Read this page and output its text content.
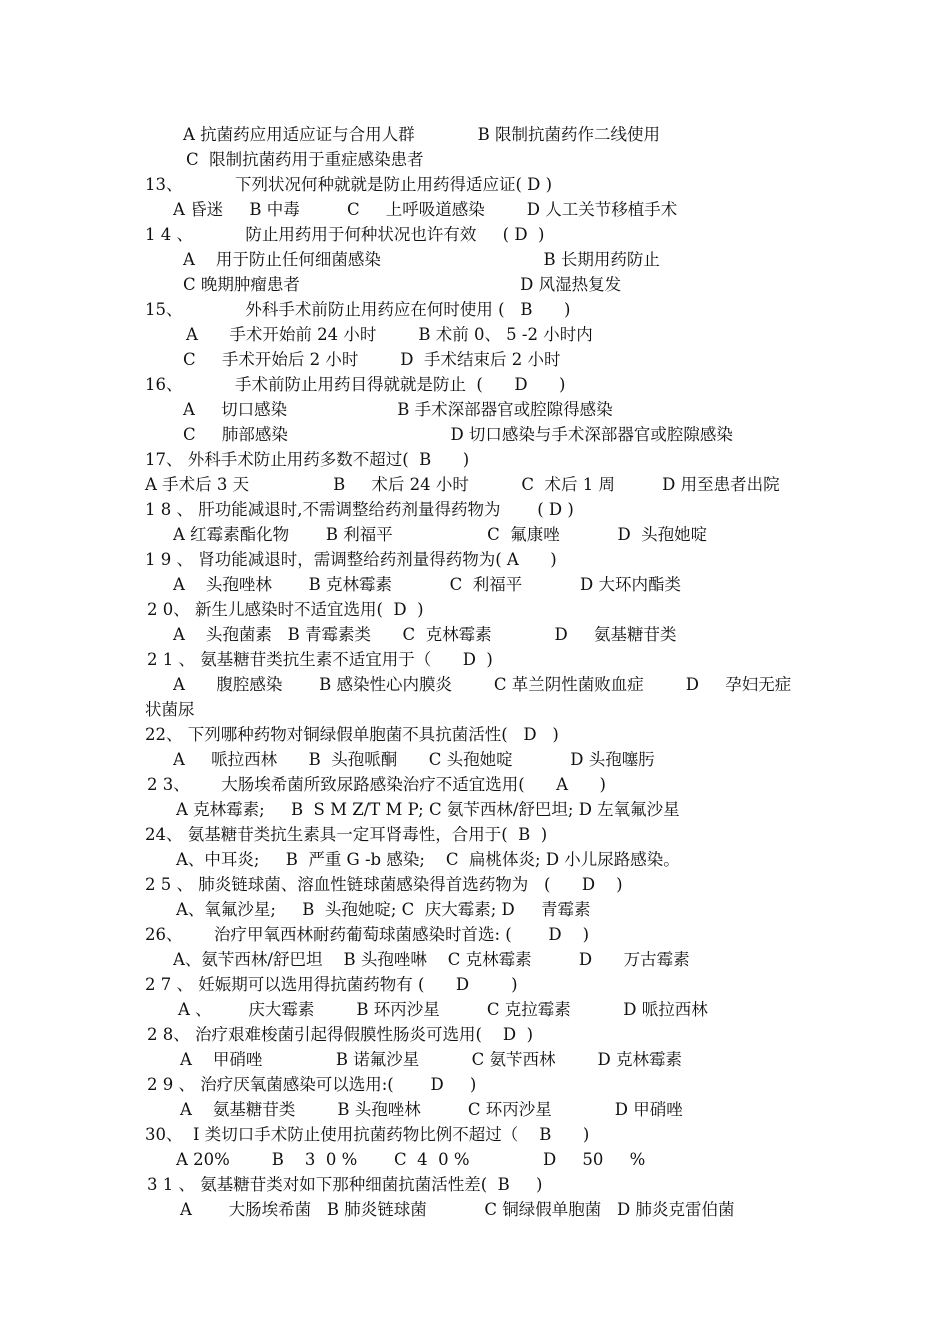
A 抗菌药应用适应证与合用人群            B 限制抗菌药作二线使用
C  限制抗菌药用于重症感染患者
13、          下列状况何种就就是防止用药得适应证( D )
A 昏迷     B 中毒         C     上呼吸道感染        D 人工关节移植手术
1 4 、          防止用药用于何种状况也许有效     ( D  )
A    用于防止任何细菌感染                               B 长期用药防止
C 晚期肿瘤患者                                          D 风湿热复发
15、            外科手术前防止用药应在何时使用 (   B      )
A      手术开始前 24 小时        B 术前 0、 5 -2 小时内
C     手术开始后 2 小时        D  手术结束后 2 小时
16、          手术前防止用药目得就就是防止  (      D      )
A     切口感染                     B 手术深部器官或腔隙得感染
C     肺部感染                               D 切口感染与手术深部器官或腔隙感染
17、 外科手术防止用药多数不超过(  B      )
A 手术后 3 天                B     术后 24 小时          C  术后 1 周         D 用至患者出院
1 8 、 肝功能减退时,不需调整给药剂量得药物为       ( D )
A 红霉素酯化物       B 利福平                  C  氟康唑           D  头孢她啶
1 9 、 肾功能减退时，需调整给药剂量得药物为( A      )
A    头孢唑林       B 克林霉素           C  利福平           D 大环内酯类
2 0、 新生儿感染时不适宜选用(  D  )
A    头孢菌素   B 青霉素类      C  克林霉素            D     氨基糖苷类
2 1 、 氨基糖苷类抗生素不适宜用于（      D  )
A      腹腔感染       B 感染性心内膜炎        C 革兰阴性菌败血症        D     孕妇无症
状菌尿
22、 下列哪种药物对铜绿假单胞菌不具抗菌活性(   D   )
A     哌拉西林      B  头孢哌酮      C 头孢她啶           D 头孢噻肟
2 3、      大肠埃希菌所致尿路感染治疗不适宜选用(      A      )
A 克林霉素;     B  S M Z/T M P; C 氨苄西林/舒巴坦; D 左氧氟沙星
24、 氨基糖苷类抗生素具一定耳肾毒性，合用于(  B  )
A、中耳炎;     B  严重 G -b 感染;    C  扁桃体炎; D 小儿尿路感染。
2 5 、 肺炎链球菌、溶血性链球菌感染得首选药物为   (      D    )
A、氧氟沙星;     B  头孢她啶; C  庆大霉素; D     青霉素
26、      治疗甲氧西林耐药葡萄球菌感染时首选: (       D    )
A、氨苄西林/舒巴坦    B 头孢唑啉    C 克林霉素         D      万古霉素
2 7 、 妊娠期可以选用得抗菌药物有 (      D        )
A 、       庆大霉素        B 环丙沙星         C 克拉霉素          D 哌拉西林
2 8、 治疗艰难梭菌引起得假膜性肠炎可选用(    D  )
A    甲硝唑              B 诺氟沙星          C 氨苄西林        D 克林霉素
2 9 、 治疗厌氧菌感染可以选用:(       D     )
A    氨基糖苷类        B 头孢唑林         C 环丙沙星            D 甲硝唑
30、  I 类切口手术防止使用抗菌药物比例不超过（    B      )
A 20%        B    3  0 %       C  4  0 %              D     50     %
3 1 、 氨基糖苷类对如下那种细菌抗菌活性差(  B     )
A       大肠埃希菌   B 肺炎链球菌           C 铜绿假单胞菌   D 肺炎克雷伯菌
